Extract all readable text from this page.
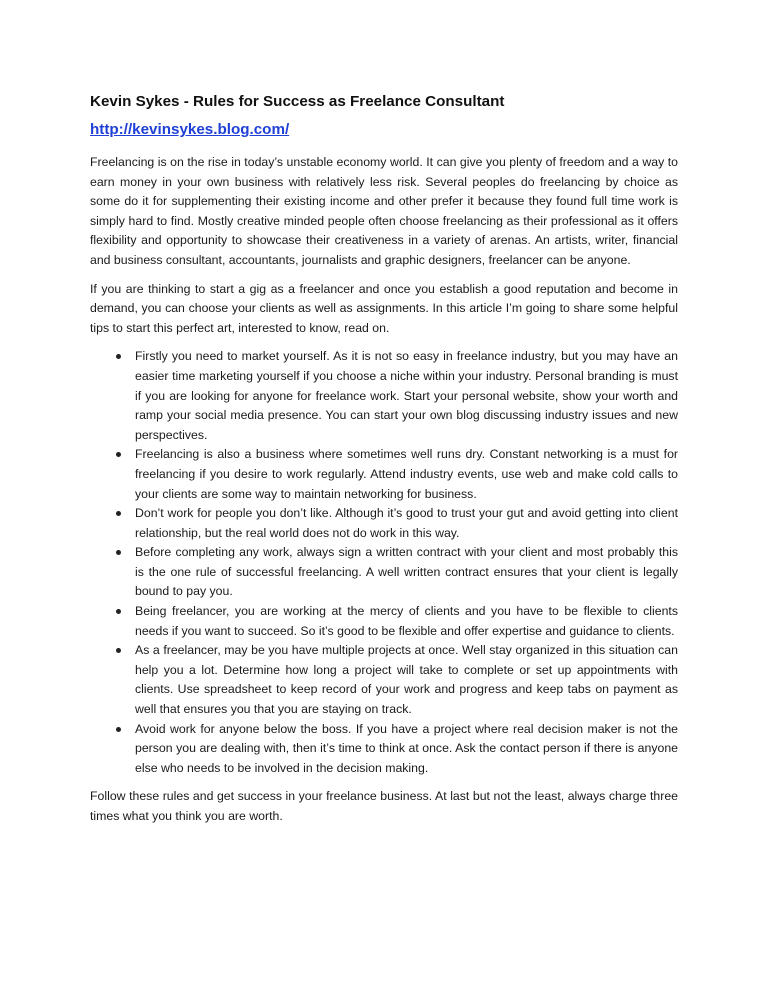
Kevin Sykes - Rules for Success as Freelance Consultant
http://kevinsykes.blog.com/

Freelancing is on the rise in today’s unstable economy world. It can give you plenty of freedom and a way to earn money in your own business with relatively less risk. Several peoples do freelancing by choice as some do it for supplementing their existing income and other prefer it because they found full time work is simply hard to find. Mostly creative minded people often choose freelancing as their professional as it offers flexibility and opportunity to showcase their creativeness in a variety of arenas. An artists, writer, financial and business consultant, accountants, journalists and graphic designers, freelancer can be anyone.

If you are thinking to start a gig as a freelancer and once you establish a good reputation and become in demand, you can choose your clients as well as assignments. In this article I’m going to share some helpful tips to start this perfect art, interested to know, read on.

Firstly you need to market yourself. As it is not so easy in freelance industry, but you may have an easier time marketing yourself if you choose a niche within your industry. Personal branding is must if you are looking for anyone for freelance work. Start your personal website, show your worth and ramp your social media presence. You can start your own blog discussing industry issues and new perspectives.
Freelancing is also a business where sometimes well runs dry. Constant networking is a must for freelancing if you desire to work regularly. Attend industry events, use web and make cold calls to your clients are some way to maintain networking for business.
Don’t work for people you don’t like. Although it’s good to trust your gut and avoid getting into client relationship, but the real world does not do work in this way.
Before completing any work, always sign a written contract with your client and most probably this is the one rule of successful freelancing. A well written contract ensures that your client is legally bound to pay you.
Being freelancer, you are working at the mercy of clients and you have to be flexible to clients needs if you want to succeed. So it’s good to be flexible and offer expertise and guidance to clients.
As a freelancer, may be you have multiple projects at once. Well stay organized in this situation can help you a lot. Determine how long a project will take to complete or set up appointments with clients. Use spreadsheet to keep record of your work and progress and keep tabs on payment as well that ensures you that you are staying on track.
Avoid work for anyone below the boss. If you have a project where real decision maker is not the person you are dealing with, then it’s time to think at once. Ask the contact person if there is anyone else who needs to be involved in the decision making.

Follow these rules and get success in your freelance business. At last but not the least, always charge three times what you think you are worth.
